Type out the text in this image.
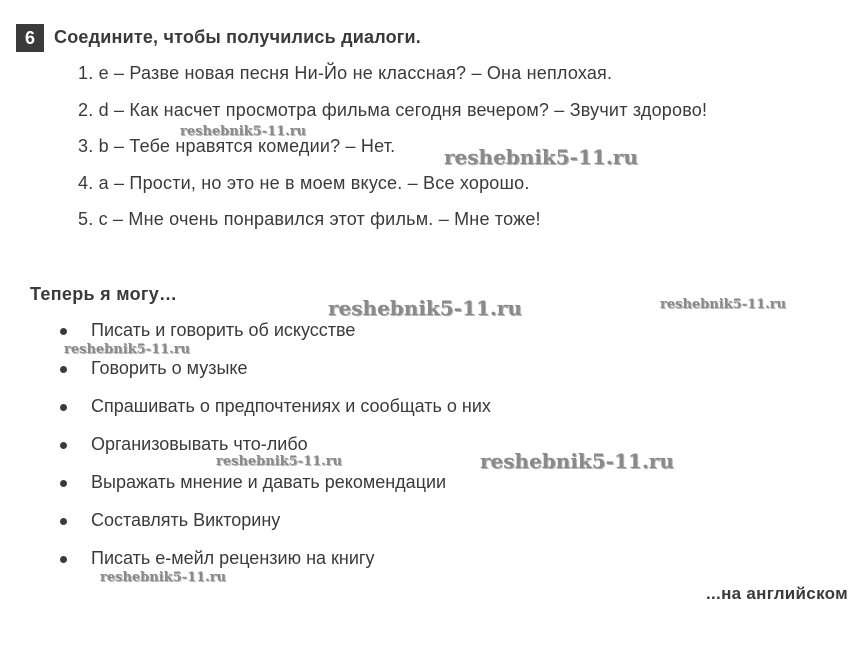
6	Соедините, чтобы получились диалоги.
1. e – Разве новая песня Ни-Йо не классная? – Она неплохая.
2. d – Как насчет просмотра фильма сегодня вечером? – Звучит здорово!
3. b – Тебе нравятся комедии? – Нет.
4. a – Прости, но это не в моем вкусе. – Все хорошо.
5. c – Мне очень понравился этот фильм. – Мне тоже!
Теперь я могу…
Писать и говорить об искусстве
Говорить о музыке
Спрашивать о предпочтениях и сообщать о них
Организовывать что-либо
Выражать мнение и давать рекомендации
Составлять Викторину
Писать е-мейл рецензию на книгу
...на английском
reshebnik5-11.ru
reshebnik5-11.ru
reshebnik5-11.ru	reshebnik5-11.ru
reshebnik5-11.ru
reshebnik5-11.ru	reshebnik5-11.ru
reshebnik5-11.ru
